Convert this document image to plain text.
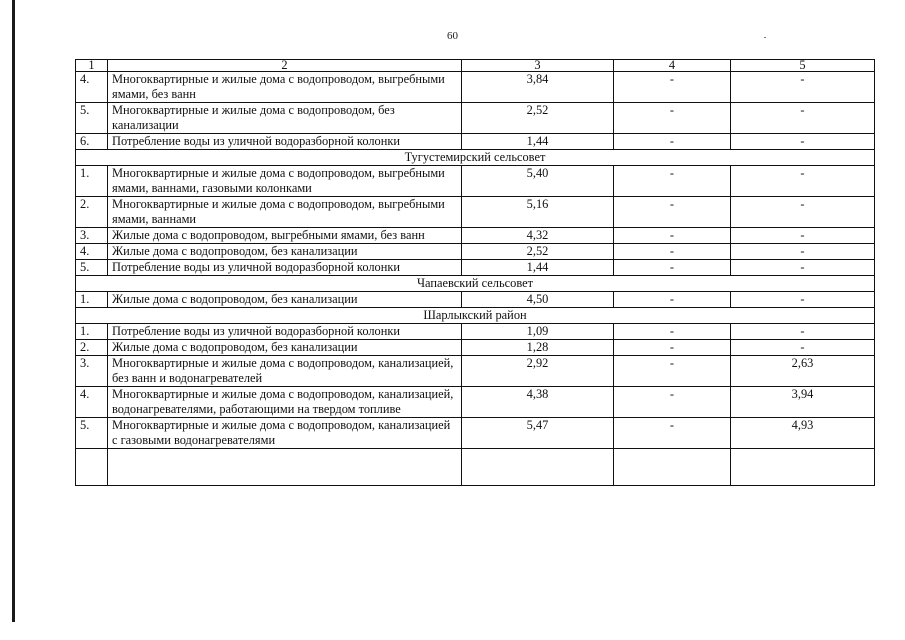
60
1	2	3	4	5
4.	Многоквартирные и жилые дома с водопроводом, выгребными ямами, без ванн	3,84	-	-
5.	Многоквартирные и жилые дома с водопроводом, без канализации	2,52	-	-
6.	Потребление воды из уличной водоразборной колонки	1,44	-	-
Тугустемирский сельсовет				
1.	Многоквартирные и жилые дома с водопроводом, выгребными ямами, ваннами, газовыми колонками	5,40	-	-
2.	Многоквартирные и жилые дома с водопроводом, выгребными ямами, ваннами	5,16	-	-
3.	Жилые дома с водопроводом, выгребными ямами, без ванн	4,32	-	-
4.	Жилые дома с водопроводом, без канализации	2,52	-	-
5.	Потребление воды из уличной водоразборной колонки	1,44	-	-
Чапаевский сельсовет				
1.	Жилые дома с водопроводом, без канализации	4,50	-	-
Шарлыкский район				
1.	Потребление воды из уличной водоразборной колонки	1,09	-	-
2.	Жилые дома с водопроводом, без канализации	1,28	-	-
3.	Многоквартирные и жилые дома с водопроводом, канализацией, без ванн и водонагревателей	2,92	-	2,63
4.	Многоквартирные и жилые дома с водопроводом, канализацией, водонагревателями, работающими на твердом топливе	4,38	-	3,94
5.	Многоквартирные и жилые дома с водопроводом, канализацией с газовыми водонагревателями	5,47	-	4,93
